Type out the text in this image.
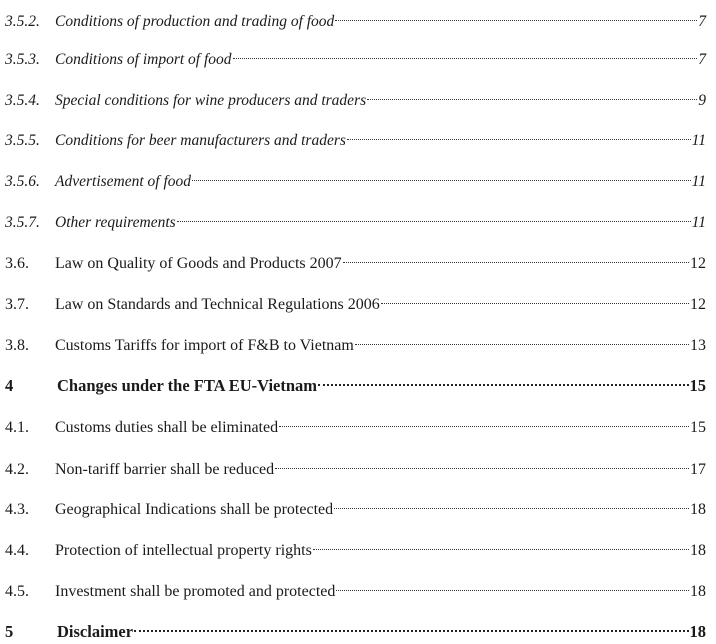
3.5.2. Conditions of production and trading of food	7
3.5.3. Conditions of import of food	7
3.5.4. Special conditions for wine producers and traders	9
3.5.5. Conditions for beer manufacturers and traders	11
3.5.6. Advertisement of food	11
3.5.7. Other requirements	11
3.6.	Law on Quality of Goods and Products 2007	12
3.7.	Law on Standards and Technical Regulations 2006	12
3.8.	Customs Tariffs for import of F&B to Vietnam	13
4	Changes under the FTA EU-Vietnam	15
4.1.	Customs duties shall be eliminated	15
4.2.	Non-tariff barrier shall be reduced	17
4.3.	Geographical Indications shall be protected	18
4.4.	Protection of intellectual property rights	18
4.5.	Investment shall be promoted and protected	18
5	Disclaimer	18
